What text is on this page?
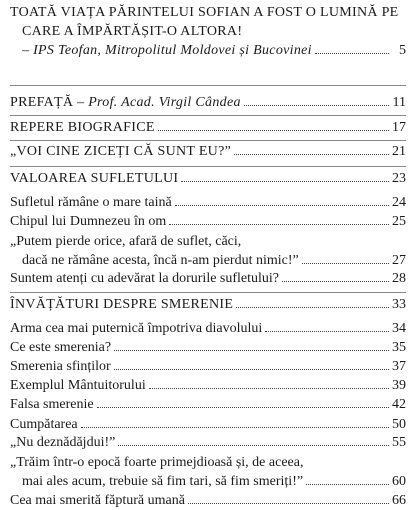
TOATĂ VIAȚA PĂRINTELUI SOFIAN A FOST O LUMINĂ PE
CARE A ÎMPĂRTĂȘIT-O ALTORA!
– IPS Teofan, Mitropolitul Moldovei și Bucovinei	5
PREFAȚĂ – Prof. Acad. Virgil Cândea	11
REPERE BIOGRAFICE	17
„VOI CINE ZICEȚI CĂ SUNT EU?”	21
VALOAREA SUFLETULUI	23
Sufletul rămâne o mare taină	24
Chipul lui Dumnezeu în om	25
„Putem pierde orice, afară de suflet, căci,
dacă ne rămâne acesta, încă n-am pierdut nimic!”	27
Suntem atenți cu adevărat la dorurile sufletului?	28
ÎNVĂȚĂTURI DESPRE SMERENIE	33
Arma cea mai puternică împotriva diavolului	34
Ce este smerenia?	35
Smerenia sfinților	37
Exemplul Mântuitorului	39
Falsa smerenie	42
Cumpătarea	50
„Nu deznădăjdui!”	55
„Trăim într-o epocă foarte primejdioasă și, de aceea,
mai ales acum, trebuie să fim tari, să fim smeriți!”	60
Cea mai smerită făptură umană	66
